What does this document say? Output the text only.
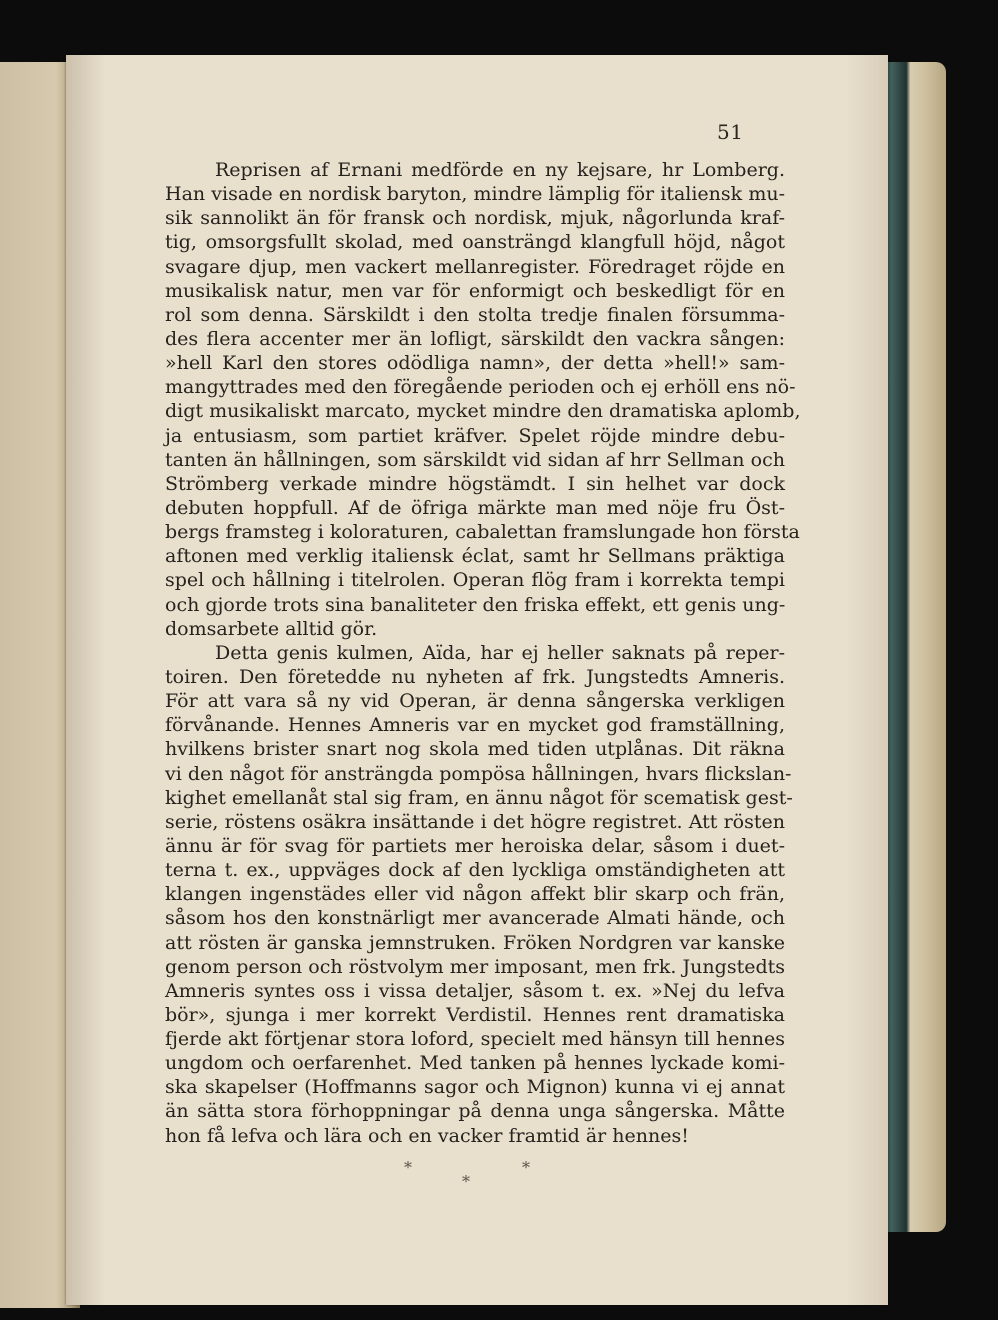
51
Reprisen af Ernani medförde en ny kejsare, hr Lomberg.
Han visade en nordisk baryton, mindre lämplig för italiensk mu-
sik sannolikt än för fransk och nordisk, mjuk, någorlunda kraf-
tig, omsorgsfullt skolad, med oansträngd klangfull höjd, något
svagare djup, men vackert mellanregister. Föredraget röjde en
musikalisk natur, men var för enformigt och beskedligt för en
rol som denna. Särskildt i den stolta tredje finalen försumma-
des flera accenter mer än lofligt, särskildt den vackra sången:
»hell Karl den stores odödliga namn», der detta »hell!» sam-
mangyttrades med den föregående perioden och ej erhöll ens nö-
digt musikaliskt marcato, mycket mindre den dramatiska aplomb,
ja entusiasm, som partiet kräfver. Spelet röjde mindre debu-
tanten än hållningen, som särskildt vid sidan af hrr Sellman och
Strömberg verkade mindre högstämdt. I sin helhet var dock
debuten hoppfull. Af de öfriga märkte man med nöje fru Öst-
bergs framsteg i koloraturen, cabalettan framslungade hon första
aftonen med verklig italiensk éclat, samt hr Sellmans präktiga
spel och hållning i titelrolen. Operan flög fram i korrekta tempi
och gjorde trots sina banaliteter den friska effekt, ett genis ung-
domsarbete alltid gör.
Detta genis kulmen, Aïda, har ej heller saknats på reper-
toiren. Den företedde nu nyheten af frk. Jungstedts Amneris.
För att vara så ny vid Operan, är denna sångerska verkligen
förvånande. Hennes Amneris var en mycket god framställning,
hvilkens brister snart nog skola med tiden utplånas. Dit räkna
vi den något för ansträngda pompösa hållningen, hvars flickslan-
kighet emellanåt stal sig fram, en ännu något för scematisk gest-
serie, röstens osäkra insättande i det högre registret. Att rösten
ännu är för svag för partiets mer heroiska delar, såsom i duet-
terna t. ex., uppväges dock af den lyckliga omständigheten att
klangen ingenstädes eller vid någon affekt blir skarp och frän,
såsom hos den konstnärligt mer avancerade Almati hände, och
att rösten är ganska jemnstruken. Fröken Nordgren var kanske
genom person och röstvolym mer imposant, men frk. Jungstedts
Amneris syntes oss i vissa detaljer, såsom t. ex. »Nej du lefva
bör», sjunga i mer korrekt Verdistil. Hennes rent dramatiska
fjerde akt förtjenar stora loford, specielt med hänsyn till hennes
ungdom och oerfarenhet. Med tanken på hennes lyckade komi-
ska skapelser (Hoffmanns sagor och Mignon) kunna vi ej annat
än sätta stora förhoppningar på denna unga sångerska. Måtte
hon få lefva och lära och en vacker framtid är hennes!
*
*
*
